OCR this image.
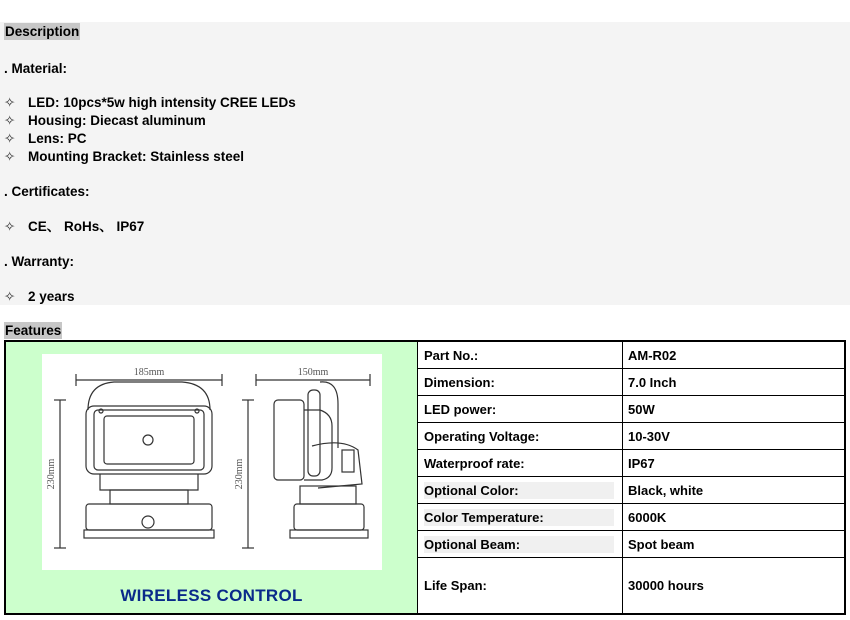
Description
. Material:
✧ LED: 10pcs*5w high intensity CREE LEDs
✧ Housing: Diecast aluminum
✧ Lens: PC
✧ Mounting Bracket: Stainless steel
. Certificates:
✧ CE、 RoHs、 IP67
. Warranty:
✧ 2 years
Features
185mm	150mm
230mm	230mm
WIRELESS CONTROL
Part No.:	AM-R02
Dimension:	7.0 Inch
LED power:	50W
Operating Voltage:	10-30V
Waterproof rate:	IP67
Optional Color:	Black, white
Color Temperature:	6000K
Optional Beam:	Spot beam
Life Span:	30000 hours
